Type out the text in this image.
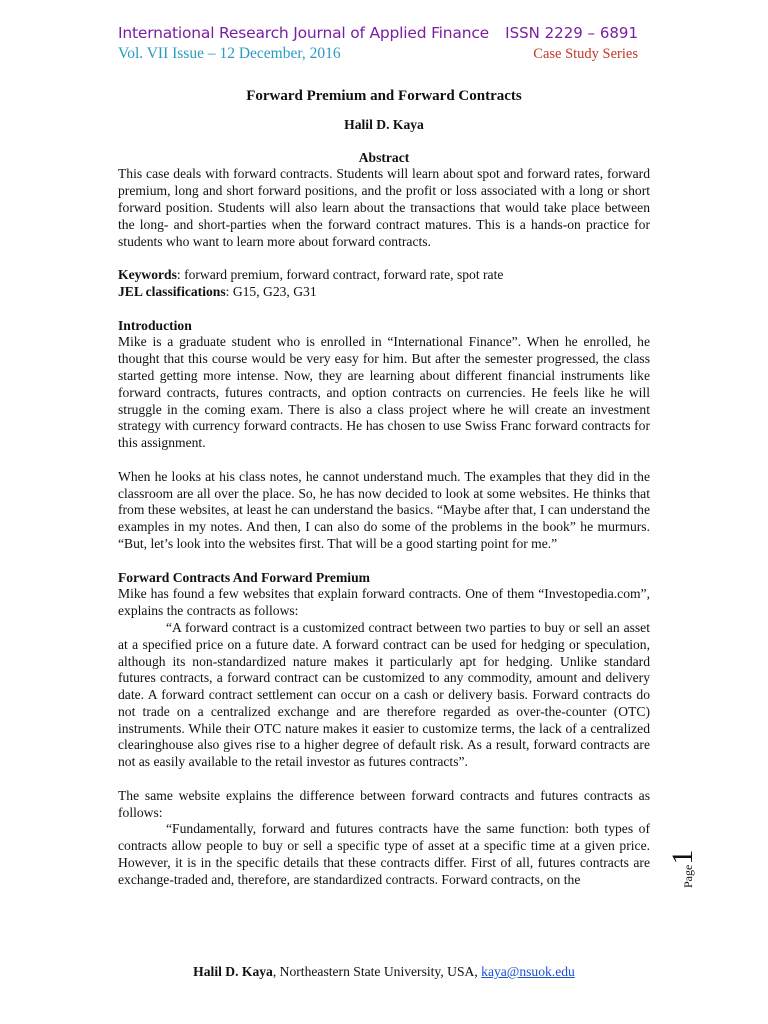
International Research Journal of Applied Finance ISSN 2229 – 6891
Vol. VII Issue – 12 December, 2016	Case Study Series
Forward Premium and Forward Contracts
Halil D. Kaya
Abstract

This case deals with forward contracts. Students will learn about spot and forward rates, forward premium, long and short forward positions, and the profit or loss associated with a long or short forward position. Students will also learn about the transactions that would take place between the long- and short-parties when the forward contract matures. This is a hands-on practice for students who want to learn more about forward contracts.

Keywords: forward premium, forward contract, forward rate, spot rate

JEL classifications: G15, G23, G31

Introduction

Mike is a graduate student who is enrolled in “International Finance”. When he enrolled, he thought that this course would be very easy for him. But after the semester progressed, the class started getting more intense. Now, they are learning about different financial instruments like forward contracts, futures contracts, and option contracts on currencies. He feels like he will struggle in the coming exam. There is also a class project where he will create an investment strategy with currency forward contracts. He has chosen to use Swiss Franc forward contracts for this assignment.

When he looks at his class notes, he cannot understand much. The examples that they did in the classroom are all over the place. So, he has now decided to look at some websites. He thinks that from these websites, at least he can understand the basics. “Maybe after that, I can understand the examples in my notes. And then, I can also do some of the problems in the book” he murmurs. “But, let’s look into the websites first. That will be a good starting point for me.”

Forward Contracts And Forward Premium

Mike has found a few websites that explain forward contracts. One of them “Investopedia.com”, explains the contracts as follows:

“A forward contract is a customized contract between two parties to buy or sell an asset at a specified price on a future date. A forward contract can be used for hedging or speculation, although its non-standardized nature makes it particularly apt for hedging. Unlike standard futures contracts, a forward contract can be customized to any commodity, amount and delivery date. A forward contract settlement can occur on a cash or delivery basis. Forward contracts do not trade on a centralized exchange and are therefore regarded as over-the-counter (OTC) instruments. While their OTC nature makes it easier to customize terms, the lack of a centralized clearinghouse also gives rise to a higher degree of default risk. As a result, forward contracts are not as easily available to the retail investor as futures contracts”.

The same website explains the difference between forward contracts and futures contracts as follows:

“Fundamentally, forward and futures contracts have the same function: both types of contracts allow people to buy or sell a specific type of asset at a specific time at a given price. However, it is in the specific details that these contracts differ. First of all, futures contracts are exchange-traded and, therefore, are standardized contracts. Forward contracts, on the	Page1
Halil D. Kaya, Northeastern State University, USA, kaya@nsuok.edu
